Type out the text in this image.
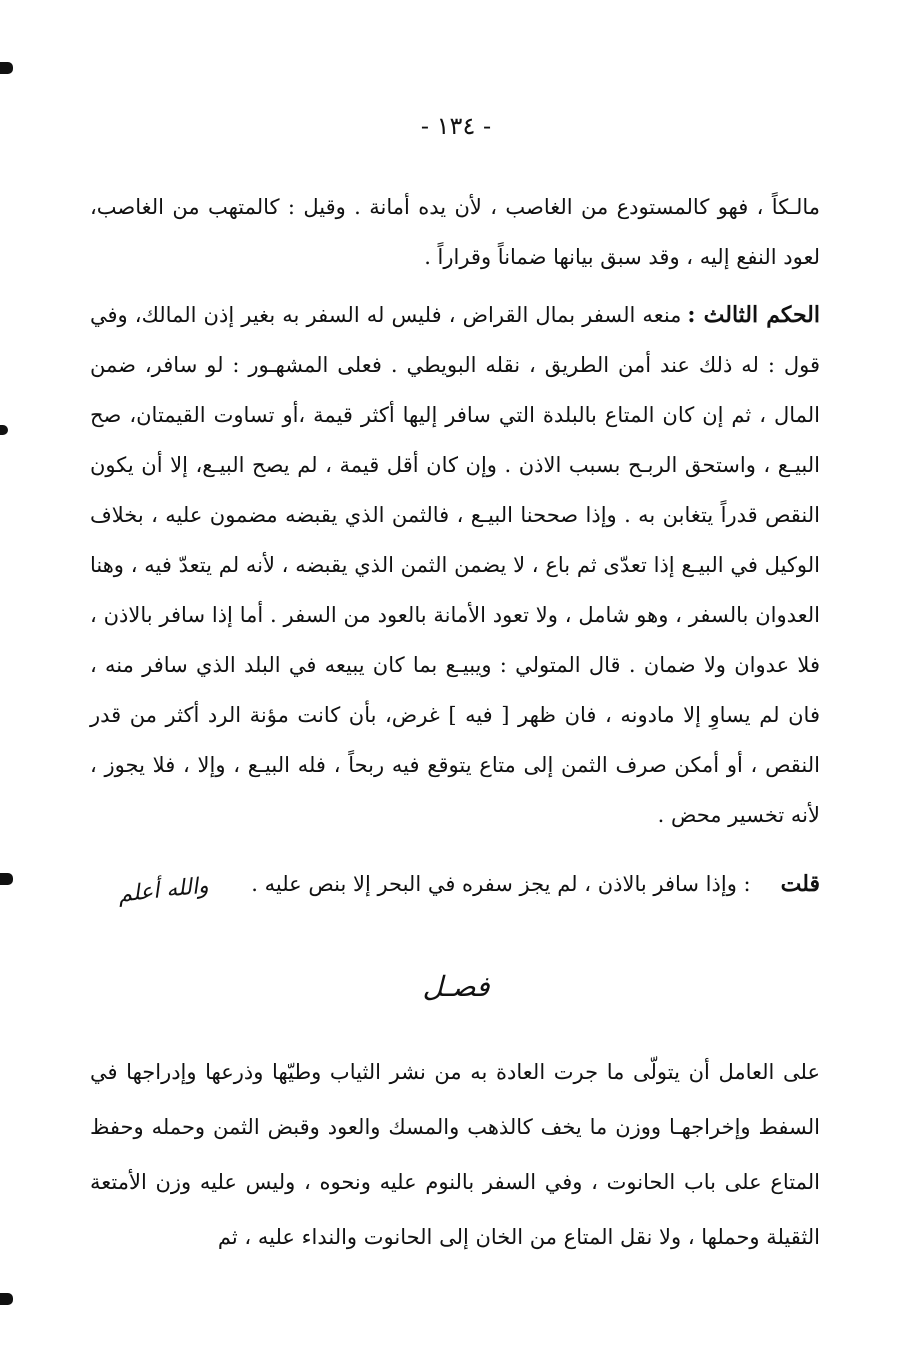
- ١٣٤ -

مالـكاً ، فهو كالمستودع من الغاصب ، لأن يده أمانة . وقيل : كالمتهب من الغاصب، لعود النفع إليه ، وقد سبق بيانها ضماناً وقراراً .

الحكم الثالث :منعه السفر بمال القراض ، فليس له السفر به بغير إذن المالك، وفي قول : له ذلك عند أمن الطريق ، نقله البويطي . فعلى المشهـور : لو سافر، ضمن المال ، ثم إن كان المتاع بالبلدة التي سافر إليها أكثر قيمة ،أو تساوت القيمتان، صح البيـع ، واستحق الربـح بسبب الاذن . وإن كان أقل قيمة ، لم يصح البيـع، إلا أن يكون النقص قدراً يتغابن به . وإذا صححنا البيـع ، فالثمن الذي يقبضه مضمون عليه ، بخلاف الوكيل في البيـع إذا تعدّى ثم باع ، لا يضمن الثمن الذي يقبضه ، لأنه لم يتعدّ فيه ، وهنا العدوان بالسفر ، وهو شامل ، ولا تعود الأمانة بالعود من السفر . أما إذا سافر بالاذن ، فلا عدوان ولا ضمان . قال المتولي : ويبيـع بما كان يبيعه في البلد الذي سافر منه ، فان لم يساوِ إلا مادونه ، فان ظهر [ فيه ] غرض، بأن كانت مؤنة الرد أكثر من قدر النقص ، أو أمكن صرف الثمن إلى متاع يتوقع فيه ربحاً ، فله البيـع ، وإلا ، فلا يجوز ، لأنه تخسير محض .

قلت: وإذا سافر بالاذن ، لم يجز سفره في البحر إلا بنص عليه .
والله أعلم
فصـل

على العامل أن يتولّى ما جرت العادة به من نشر الثياب وطيّها وذرعها وإدراجها في السفط وإخراجهـا ووزن ما يخف كالذهب والمسك والعود وقبض الثمن وحمله وحفظ المتاع على باب الحانوت ، وفي السفر بالنوم عليه ونحوه ، وليس عليه وزن الأمتعة الثقيلة وحملها ، ولا نقل المتاع من الخان إلى الحانوت والنداء عليه ، ثم
